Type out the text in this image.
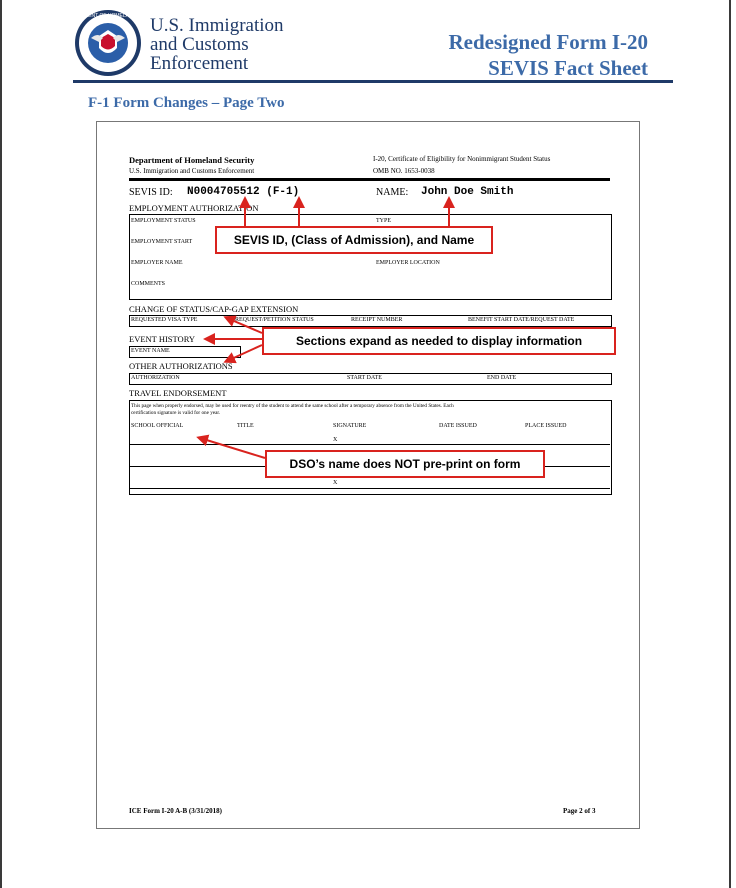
U.S. DEPARTMENT OF HOMELAND SECURITY
U.S. Immigration
and Customs
Enforcement
Redesigned Form I-20
SEVIS Fact Sheet
F-1 Form Changes – Page Two
Department of Homeland Security
U.S. Immigration and Customs Enforcement
I-20, Certificate of Eligibility for Nonimmigrant Student Status
OMB NO. 1653-0038
SEVIS ID: N0004705512 (F-1)	NAME: John Doe Smith
EMPLOYMENT AUTHORIZATION
EMPLOYMENT STATUS	TYPE
EMPLOYMENT START
EMPLOYER NAME	EMPLOYER LOCATION
COMMENTS
CHANGE OF STATUS/CAP-GAP EXTENSION
REQUESTED VISA TYPE	REQUEST/PETITION STATUS	RECEIPT NUMBER	BENEFIT START DATE/REQUEST DATE
EVENT HISTORY
EVENT NAME
OTHER AUTHORIZATIONS
AUTHORIZATION	START DATE	END DATE
TRAVEL ENDORSEMENT
This page when properly endorsed, may be used for reentry of the student to attend the same school after a temporary absence from the United States. Each
certification signature is valid for one year.
SCHOOL OFFICIAL	TITLE	SIGNATURE	DATE ISSUED	PLACE ISSUED
X
X
ICE Form I-20 A-B (3/31/2018)	Page 2 of 3
SEVIS ID, (Class of Admission), and Name
Sections expand as needed to display information
DSO’s name does NOT pre-print on form
